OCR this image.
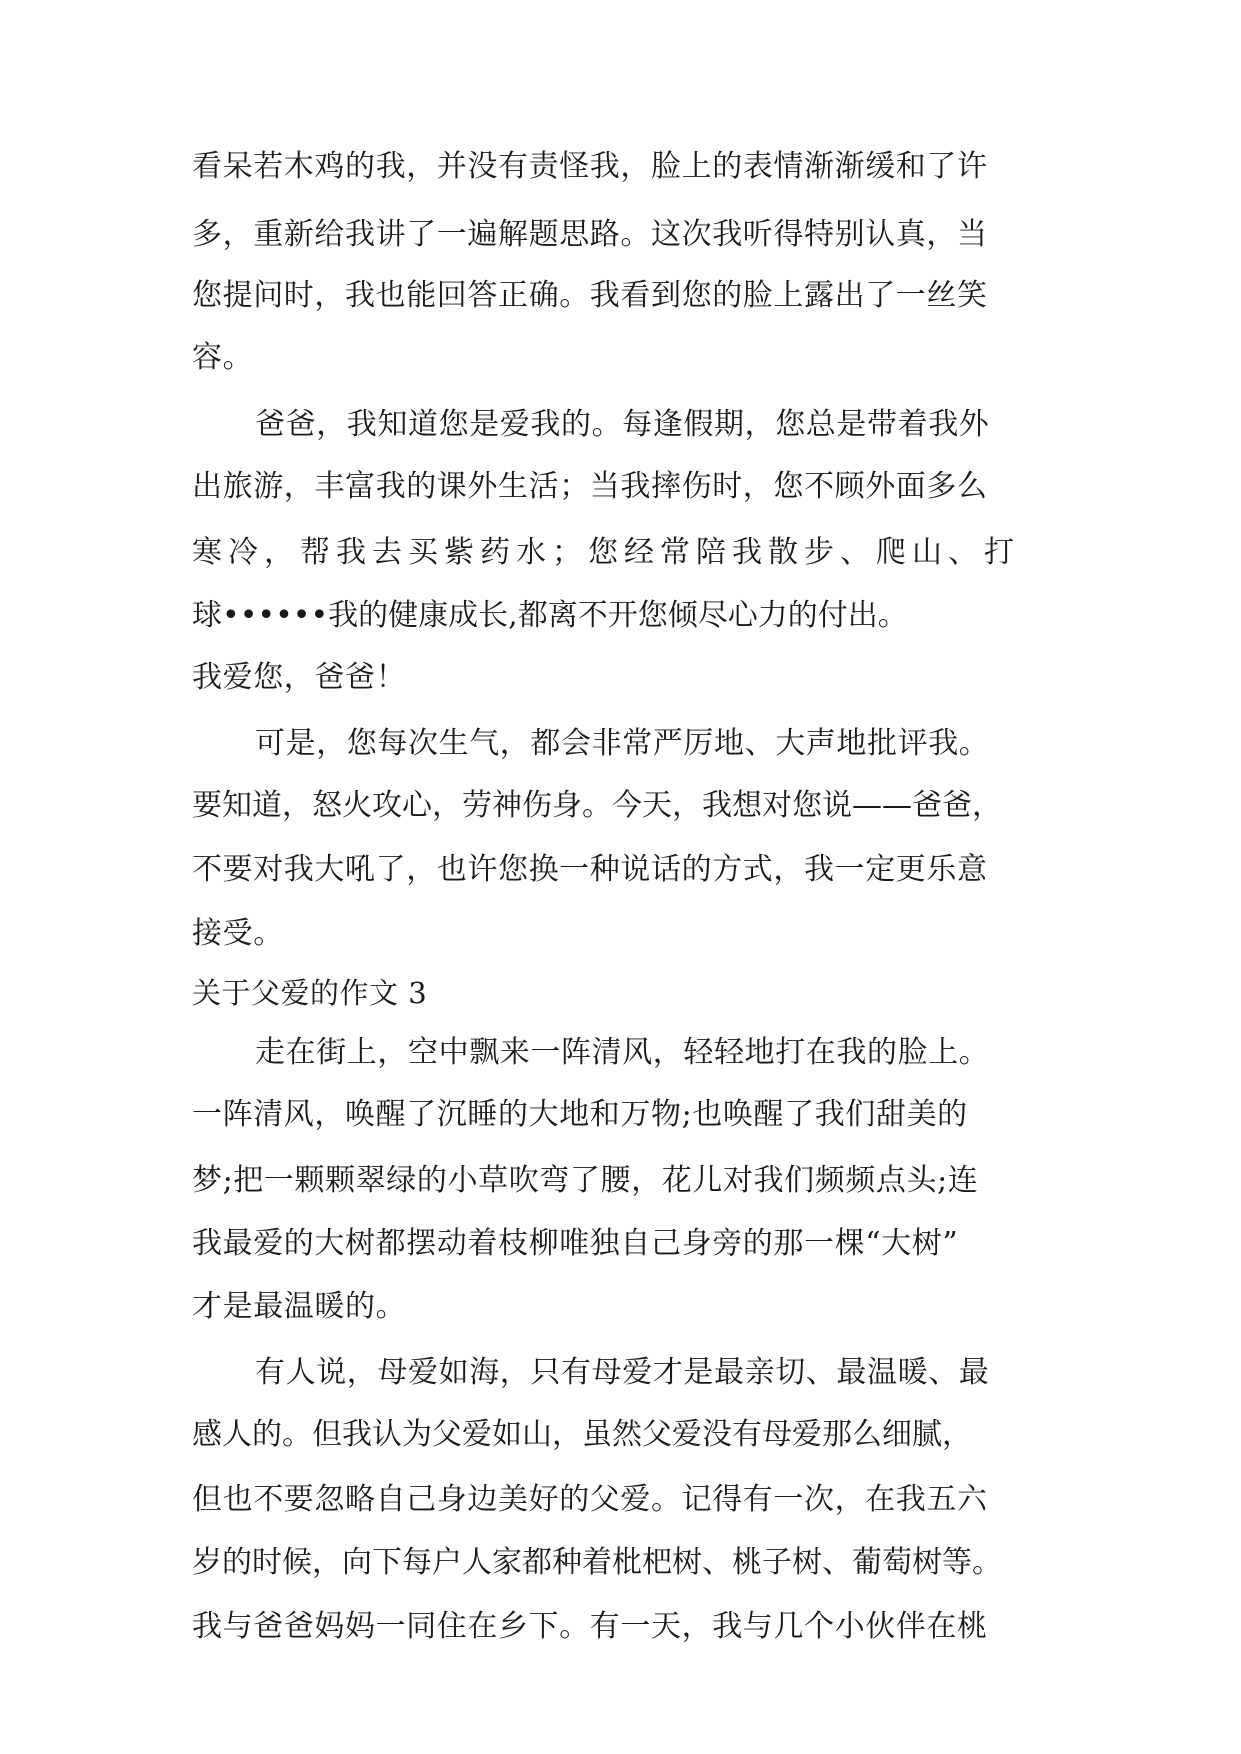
看呆若木鸡的我，并没有责怪我，脸上的表情渐渐缓和了许
多，重新给我讲了一遍解题思路。这次我听得特别认真，当
您提问时，我也能回答正确。我看到您的脸上露出了一丝笑
容。
爸爸，我知道您是爱我的。每逢假期，您总是带着我外
出旅游，丰富我的课外生活；当我摔伤时，您不顾外面多么
寒冷，帮我去买紫药水；您经常陪我散步、爬山、打
球••••••我的健康成长,都离不开您倾尽心力的付出。
我爱您，爸爸！
可是，您每次生气，都会非常严厉地、大声地批评我。
要知道，怒火攻心，劳神伤身。今天，我想对您说——爸爸，
不要对我大吼了，也许您换一种说话的方式，我一定更乐意
接受。
关于父爱的作文 3
走在街上，空中飘来一阵清风，轻轻地打在我的脸上。
一阵清风，唤醒了沉睡的大地和万物;也唤醒了我们甜美的
梦;把一颗颗翠绿的小草吹弯了腰，花儿对我们频频点头;连
我最爱的大树都摆动着枝柳唯独自己身旁的那一棵“大树”
才是最温暖的。
有人说，母爱如海，只有母爱才是最亲切、最温暖、最
感人的。但我认为父爱如山，虽然父爱没有母爱那么细腻，
但也不要忽略自己身边美好的父爱。记得有一次，在我五六
岁的时候，向下每户人家都种着枇杷树、桃子树、葡萄树等。
我与爸爸妈妈一同住在乡下。有一天，我与几个小伙伴在桃
